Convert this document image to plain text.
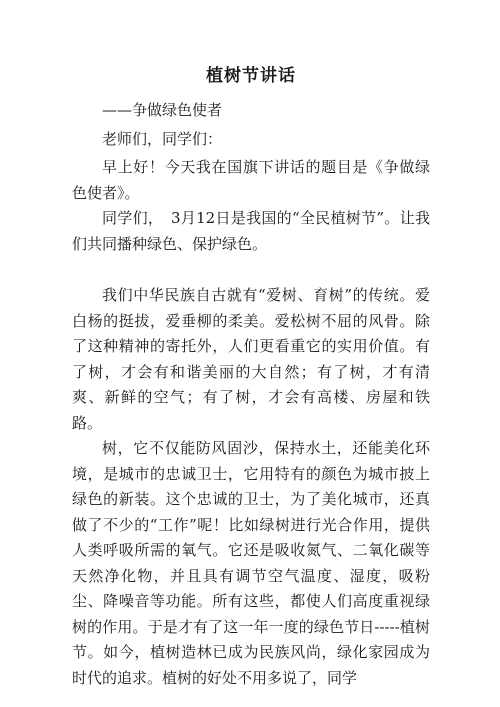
植树节讲话

——争做绿色使者

老师们，同学们：

早上好！今天我在国旗下讲话的题目是《争做绿色使者》。

同学们，　3月12日是我国的“全民植树节”。让我们共同播种绿色、保护绿色。

我们中华民族自古就有“爱树、育树”的传统。爱白杨的挺拔，爱垂柳的柔美。爱松树不屈的风骨。除了这种精神的寄托外，人们更看重它的实用价值。有了树，才会有和谐美丽的大自然；有了树，才有清爽、新鲜的空气；有了树，才会有高楼、房屋和铁路。

树，它不仅能防风固沙，保持水土，还能美化环境，是城市的忠诚卫士，它用特有的颜色为城市披上绿色的新装。这个忠诚的卫士，为了美化城市，还真做了不少的“工作”呢！比如绿树进行光合作用，提供人类呼吸所需的氧气。它还是吸收氮气、二氧化碳等天然净化物，并且具有调节空气温度、湿度，吸粉尘、降噪音等功能。所有这些，都使人们高度重视绿树的作用。于是才有了这一年一度的绿色节日-----植树节。如今，植树造林已成为民族风尚，绿化家园成为时代的追求。植树的好处不用多说了，同学
